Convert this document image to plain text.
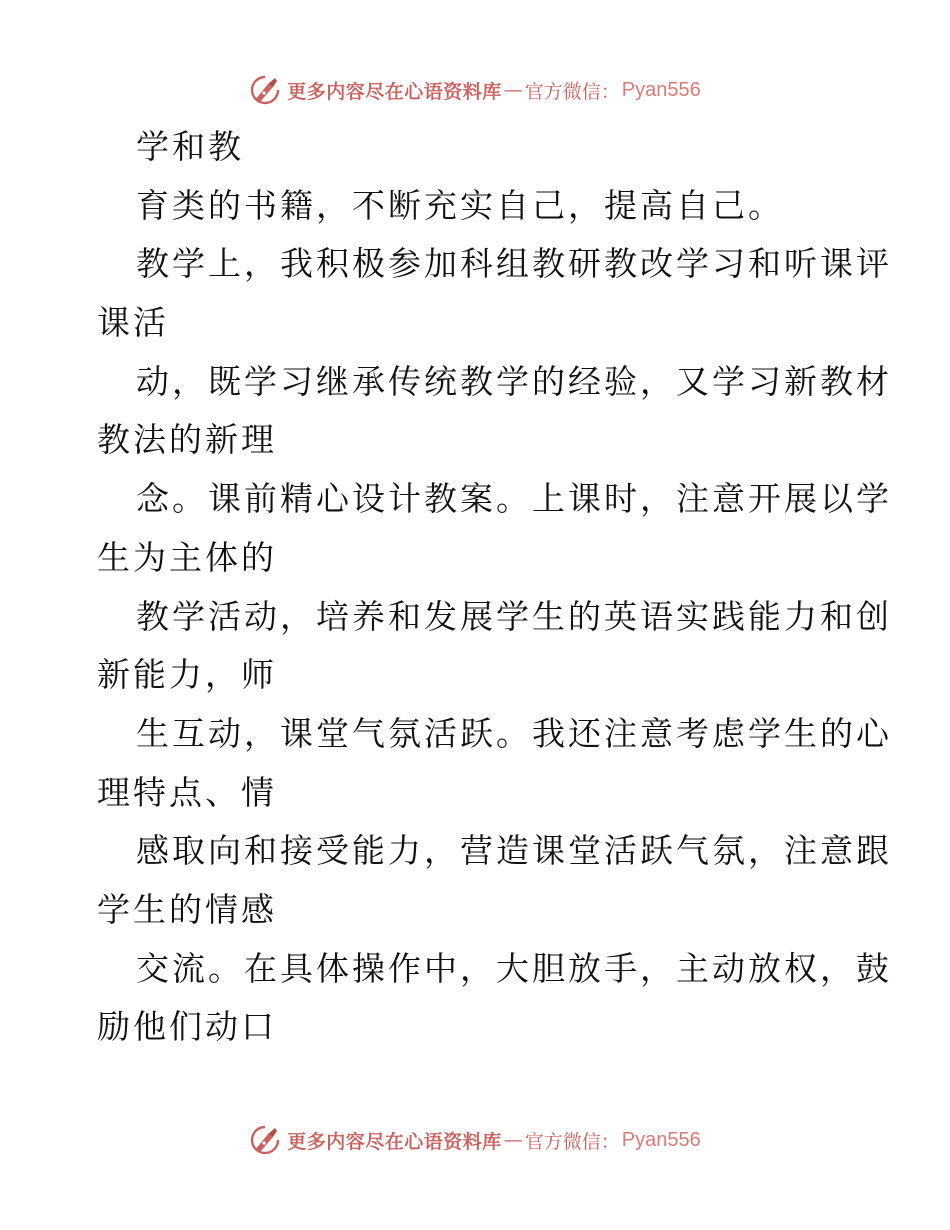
更多内容尽在心语资料库 — 官方微信： Pyan556
学和教
育类的书籍，不断充实自己，提高自己。
教学上，我积极参加科组教研教改学习和听课评
课活
动，既学习继承传统教学的经验，又学习新教材
教法的新理
念。课前精心设计教案。上课时，注意开展以学
生为主体的
教学活动，培养和发展学生的英语实践能力和创
新能力，师
生互动，课堂气氛活跃。我还注意考虑学生的心
理特点、情
感取向和接受能力，营造课堂活跃气氛，注意跟
学生的情感
交流。在具体操作中，大胆放手，主动放权，鼓
励他们动口
更多内容尽在心语资料库 — 官方微信： Pyan556
